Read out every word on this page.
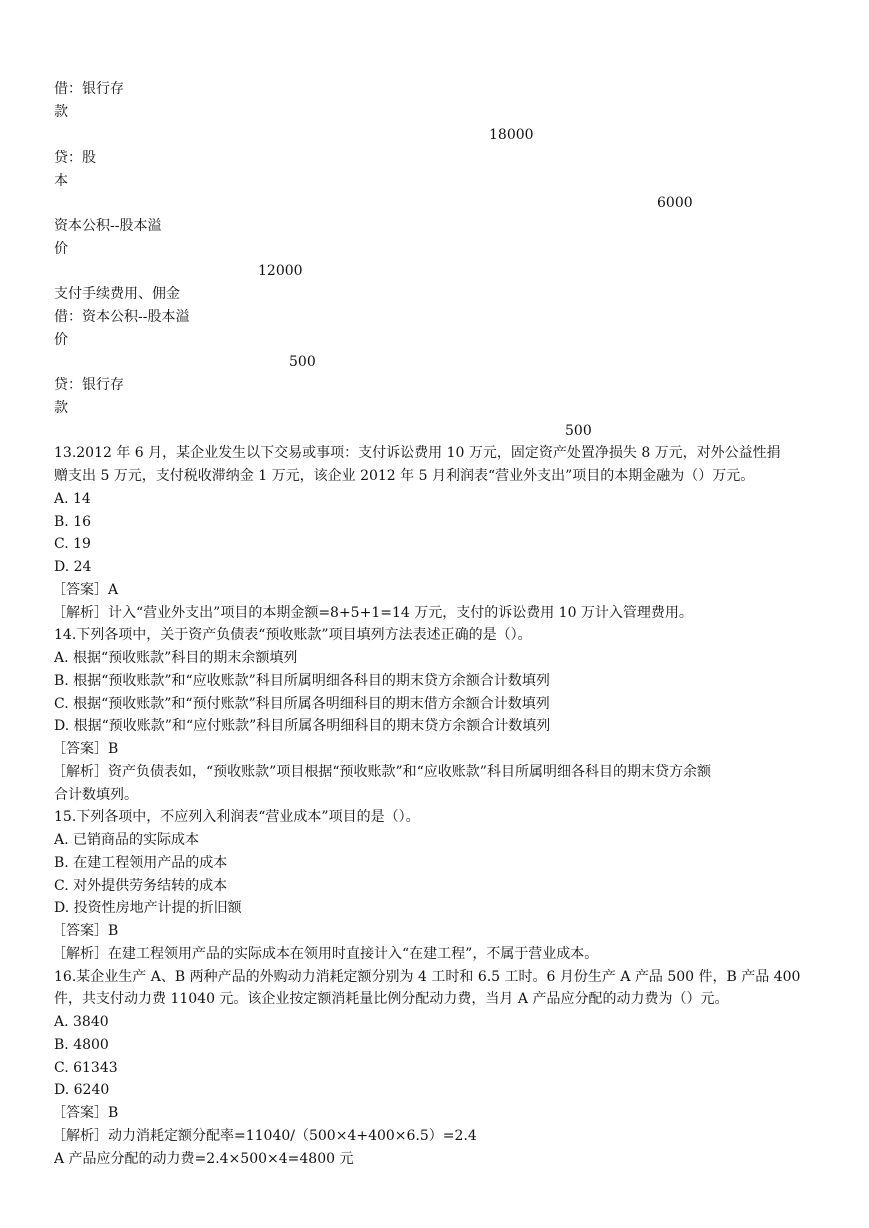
借：银行存
款
18000
贷：股
本
6000
资本公积--股本溢
价
12000
支付手续费用、佣金
借：资本公积--股本溢
价
500
贷：银行存
款
500
13.2012 年 6 月，某企业发生以下交易或事项：支付诉讼费用 10 万元，固定资产处置净损失 8 万元，对外公益性捐
赠支出 5 万元，支付税收滞纳金 1 万元，该企业 2012 年 5 月利润表“营业外支出”项目的本期金融为（）万元。
A. 14
B. 16
C. 19
D. 24
［答案］A
［解析］计入“营业外支出”项目的本期金额=8+5+1=14 万元，支付的诉讼费用 10 万计入管理费用。
14.下列各项中，关于资产负债表“预收账款”项目填列方法表述正确的是（）。
A. 根据“预收账款”科目的期末余额填列
B. 根据“预收账款”和“应收账款”科目所属明细各科目的期末贷方余额合计数填列
C. 根据“预收账款”和“预付账款”科目所属各明细科目的期末借方余额合计数填列
D. 根据“预收账款”和“应付账款”科目所属各明细科目的期末贷方余额合计数填列
［答案］B
［解析］资产负债表如，“预收账款”项目根据“预收账款”和“应收账款”科目所属明细各科目的期末贷方余额
合计数填列。
15.下列各项中，不应列入利润表“营业成本”项目的是（）。
A. 已销商品的实际成本
B. 在建工程领用产品的成本
C. 对外提供劳务结转的成本
D. 投资性房地产计提的折旧额
［答案］B
［解析］在建工程领用产品的实际成本在领用时直接计入“在建工程”，不属于营业成本。
16.某企业生产 A、B 两种产品的外购动力消耗定额分别为 4 工时和 6.5 工时。6 月份生产 A 产品 500 件，B 产品 400
件，共支付动力费 11040 元。该企业按定额消耗量比例分配动力费，当月 A 产品应分配的动力费为（）元。
A. 3840
B. 4800
C. 61343
D. 6240
［答案］B
［解析］动力消耗定额分配率=11040/（500×4+400×6.5）=2.4
A 产品应分配的动力费=2.4×500×4=4800 元
